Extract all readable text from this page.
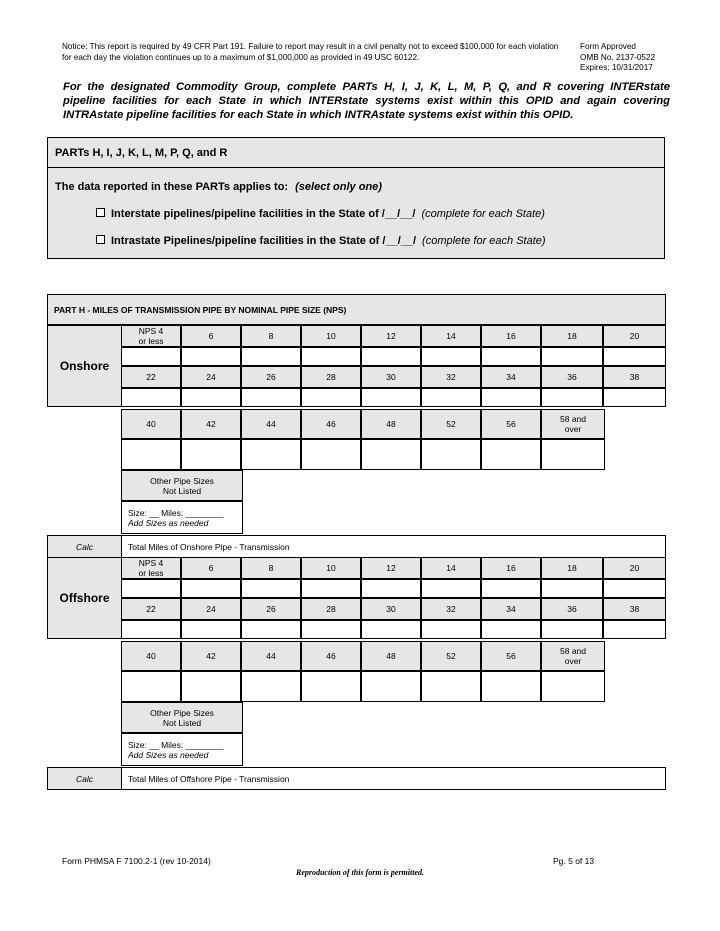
Notice: This report is required by 49 CFR Part 191. Failure to report may result in a civil penalty not to exceed $100,000 for each violation
for each day the violation continues up to a maximum of $1,000,000 as provided in 49 USC 60122.
Form Approved
OMB No. 2137-0522
Expires: 10/31/2017
For the designated Commodity Group, complete PARTs H, I, J, K, L, M, P, Q, and R covering INTERstate
pipeline facilities for each State in which INTERstate systems exist within this OPID and again covering
INTRAstate pipeline facilities for each State in which INTRAstate systems exist within this OPID.
PARTs H, I, J, K, L, M, P, Q, and R
The data reported in these PARTs applies to: (select only one)
Interstate pipelines/pipeline facilities in the State of /__/__/ (complete for each State)
Intrastate Pipelines/pipeline facilities in the State of /__/__/ (complete for each State)
PART H - MILES OF TRANSMISSION PIPE BY NOMINAL PIPE SIZE (NPS)
Onshore
NPS 4
or less	6	8	10	12	14	16	18	20
22	24	26	28	30	32	34	36	38
40	42	44	46	48	52	56	58 and
over
Other Pipe Sizes
Not Listed
Size: __ Miles: ________
Add Sizes as needed
Calc	Total Miles of Onshore Pipe - Transmission
Offshore
NPS 4
or less	6	8	10	12	14	16	18	20
22	24	26	28	30	32	34	36	38
40	42	44	46	48	52	56	58 and
over
Other Pipe Sizes
Not Listed
Size: __ Miles: ________
Add Sizes as needed
Calc	Total Miles of Offshore Pipe - Transmission
Form PHMSA F 7100.2-1 (rev 10-2014)	Pg. 5 of 13
Reproduction of this form is permitted.
